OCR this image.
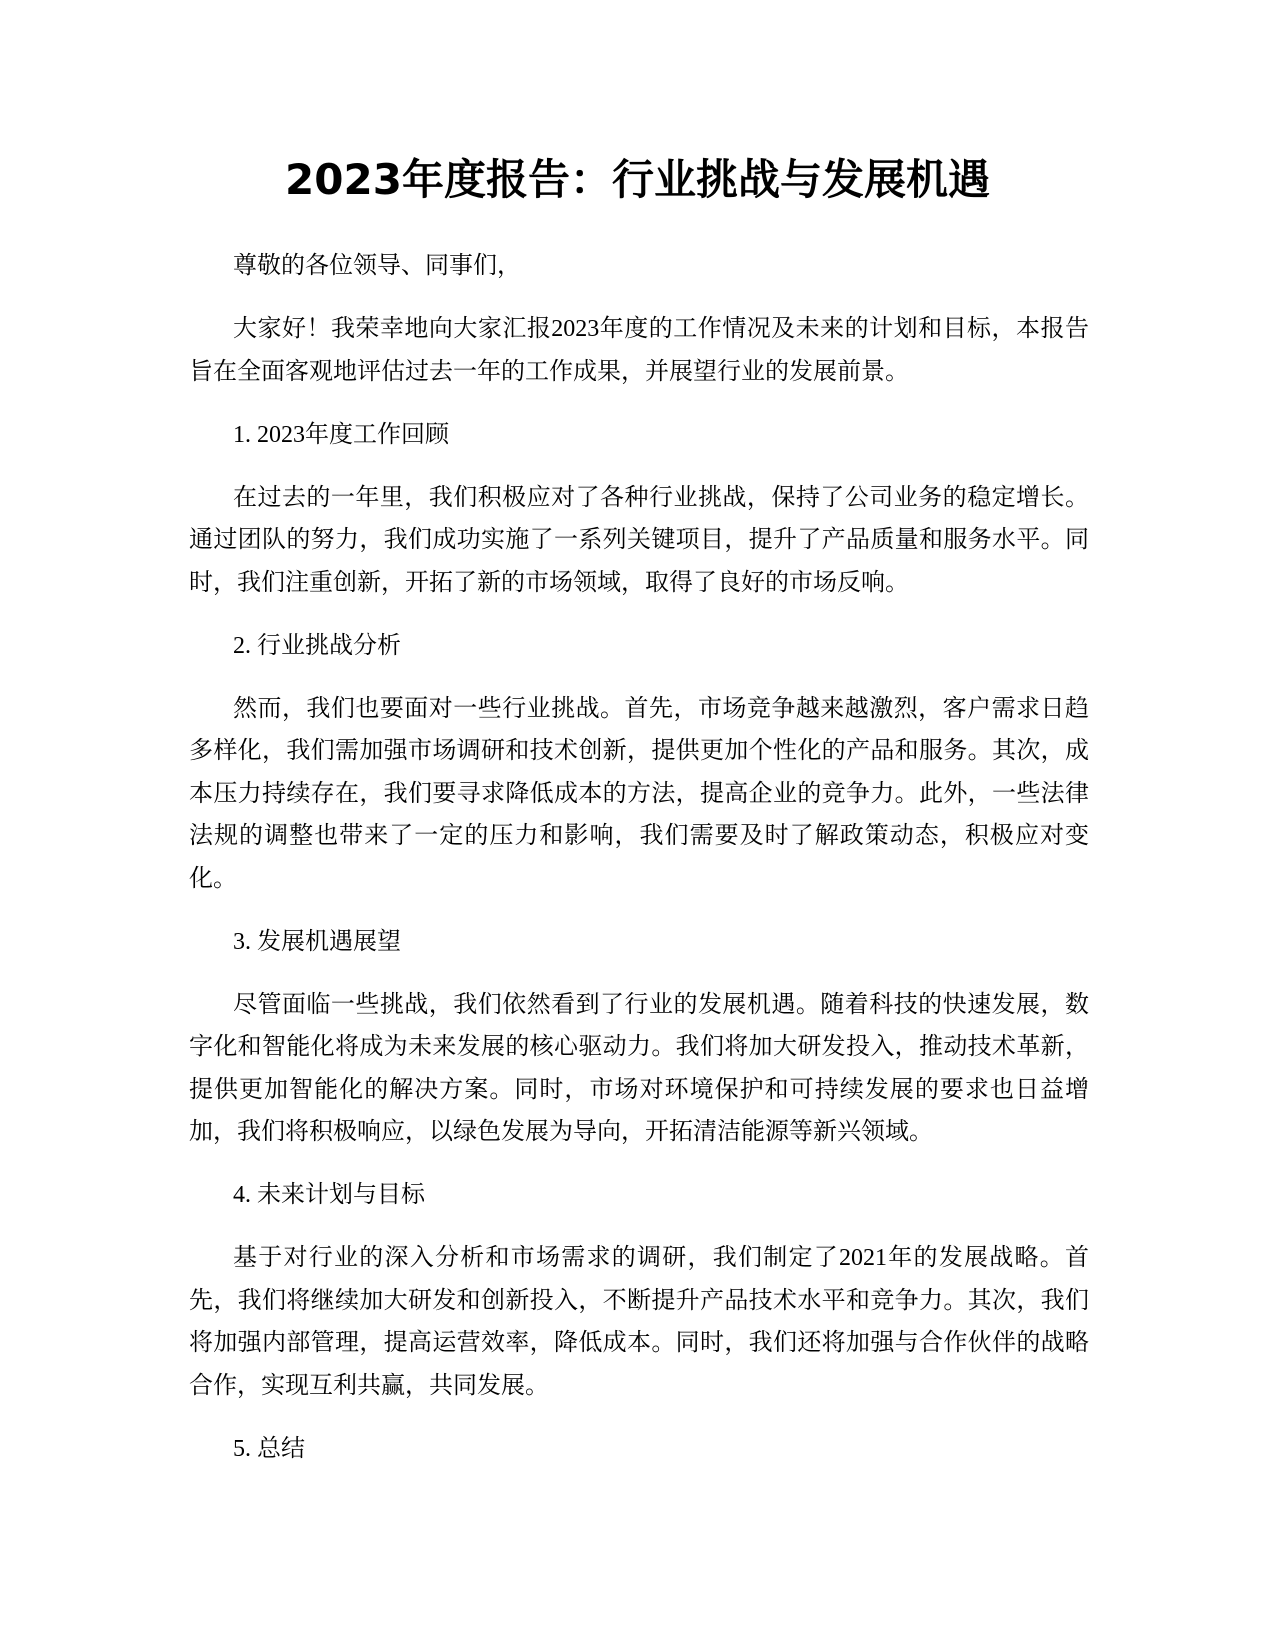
2023年度报告：行业挑战与发展机遇

尊敬的各位领导、同事们，

大家好！我荣幸地向大家汇报2023年度的工作情况及未来的计划和目标，本报告旨在全面客观地评估过去一年的工作成果，并展望行业的发展前景。

1. 2023年度工作回顾

在过去的一年里，我们积极应对了各种行业挑战，保持了公司业务的稳定增长。通过团队的努力，我们成功实施了一系列关键项目，提升了产品质量和服务水平。同时，我们注重创新，开拓了新的市场领域，取得了良好的市场反响。

2. 行业挑战分析

然而，我们也要面对一些行业挑战。首先，市场竞争越来越激烈，客户需求日趋多样化，我们需加强市场调研和技术创新，提供更加个性化的产品和服务。其次，成本压力持续存在，我们要寻求降低成本的方法，提高企业的竞争力。此外，一些法律法规的调整也带来了一定的压力和影响，我们需要及时了解政策动态，积极应对变化。

3. 发展机遇展望

尽管面临一些挑战，我们依然看到了行业的发展机遇。随着科技的快速发展，数字化和智能化将成为未来发展的核心驱动力。我们将加大研发投入，推动技术革新，提供更加智能化的解决方案。同时，市场对环境保护和可持续发展的要求也日益增加，我们将积极响应，以绿色发展为导向，开拓清洁能源等新兴领域。

4. 未来计划与目标

基于对行业的深入分析和市场需求的调研，我们制定了2021年的发展战略。首先，我们将继续加大研发和创新投入，不断提升产品技术水平和竞争力。其次，我们将加强内部管理，提高运营效率，降低成本。同时，我们还将加强与合作伙伴的战略合作，实现互利共赢，共同发展。

5. 总结
